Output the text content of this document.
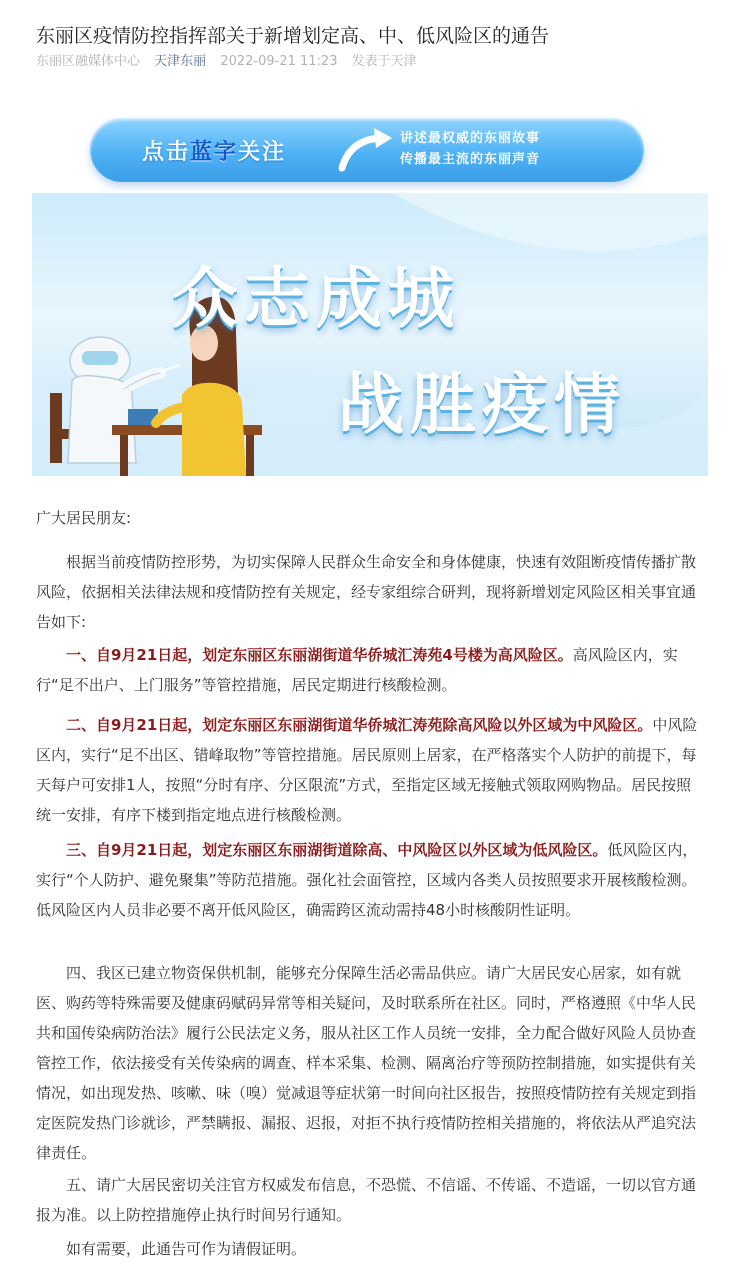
东丽区疫情防控指挥部关于新增划定高、中、低风险区的通告
东丽区融媒体中心 天津东丽 2022-09-21 11:23 发表于天津
点击蓝字关注
讲述最权威的东丽故事
传播最主流的东丽声音
众志成城
战胜疫情

广大居民朋友:

根据当前疫情防控形势，为切实保障人民群众生命安全和身体健康，快速有效阻断疫情传播扩散风险，依据相关法律法规和疫情防控有关规定，经专家组综合研判，现将新增划定风险区相关事宜通告如下:

一、自9月21日起，划定东丽区东丽湖街道华侨城汇涛苑4号楼为高风险区。高风险区内，实行“足不出户、上门服务”等管控措施，居民定期进行核酸检测。

二、自9月21日起，划定东丽区东丽湖街道华侨城汇涛苑除高风险以外区域为中风险区。中风险区内，实行“足不出区、错峰取物”等管控措施。居民原则上居家，在严格落实个人防护的前提下，每天每户可安排1人，按照“分时有序、分区限流”方式，至指定区域无接触式领取网购物品。居民按照统一安排，有序下楼到指定地点进行核酸检测。

三、自9月21日起，划定东丽区东丽湖街道除高、中风险区以外区域为低风险区。低风险区内，实行“个人防护、避免聚集”等防范措施。强化社会面管控，区域内各类人员按照要求开展核酸检测。低风险区内人员非必要不离开低风险区，确需跨区流动需持48小时核酸阴性证明。

四、我区已建立物资保供机制，能够充分保障生活必需品供应。请广大居民安心居家，如有就医、购药等特殊需要及健康码赋码异常等相关疑问，及时联系所在社区。同时，严格遵照《中华人民共和国传染病防治法》履行公民法定义务，服从社区工作人员统一安排，全力配合做好风险人员协查管控工作，依法接受有关传染病的调查、样本采集、检测、隔离治疗等预防控制措施，如实提供有关情况，如出现发热、咳嗽、味（嗅）觉减退等症状第一时间向社区报告，按照疫情防控有关规定到指定医院发热门诊就诊，严禁瞒报、漏报、迟报，对拒不执行疫情防控相关措施的，将依法从严追究法律责任。

五、请广大居民密切关注官方权威发布信息，不恐慌、不信谣、不传谣、不造谣，一切以官方通报为准。以上防控措施停止执行时间另行通知。

如有需要，此通告可作为请假证明。
